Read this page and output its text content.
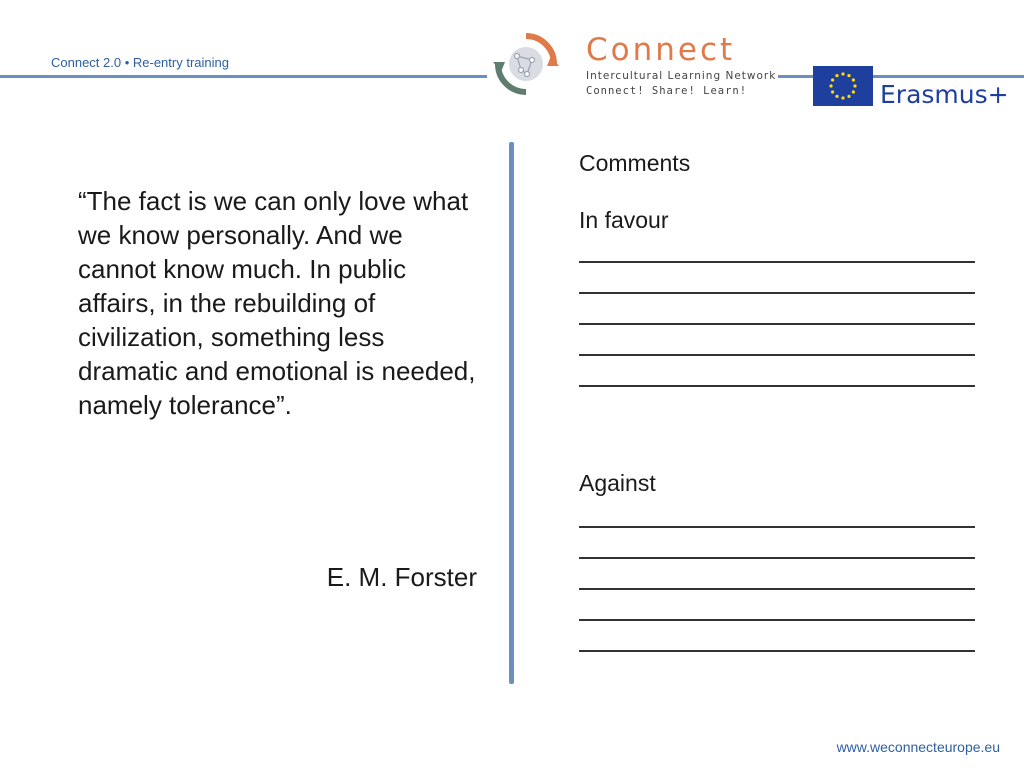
Connect 2.0 • Re-entry training	Connect
Intercultural Learning Network
Connect! Share! Learn!	Erasmus+
“The fact is we can only love what we know personally. And we cannot know much. In public affairs, in the rebuilding of civilization, something less dramatic and emotional is needed, namely tolerance”.
E. M. Forster
Comments
In favour
Against
www.weconnecteurope.eu
